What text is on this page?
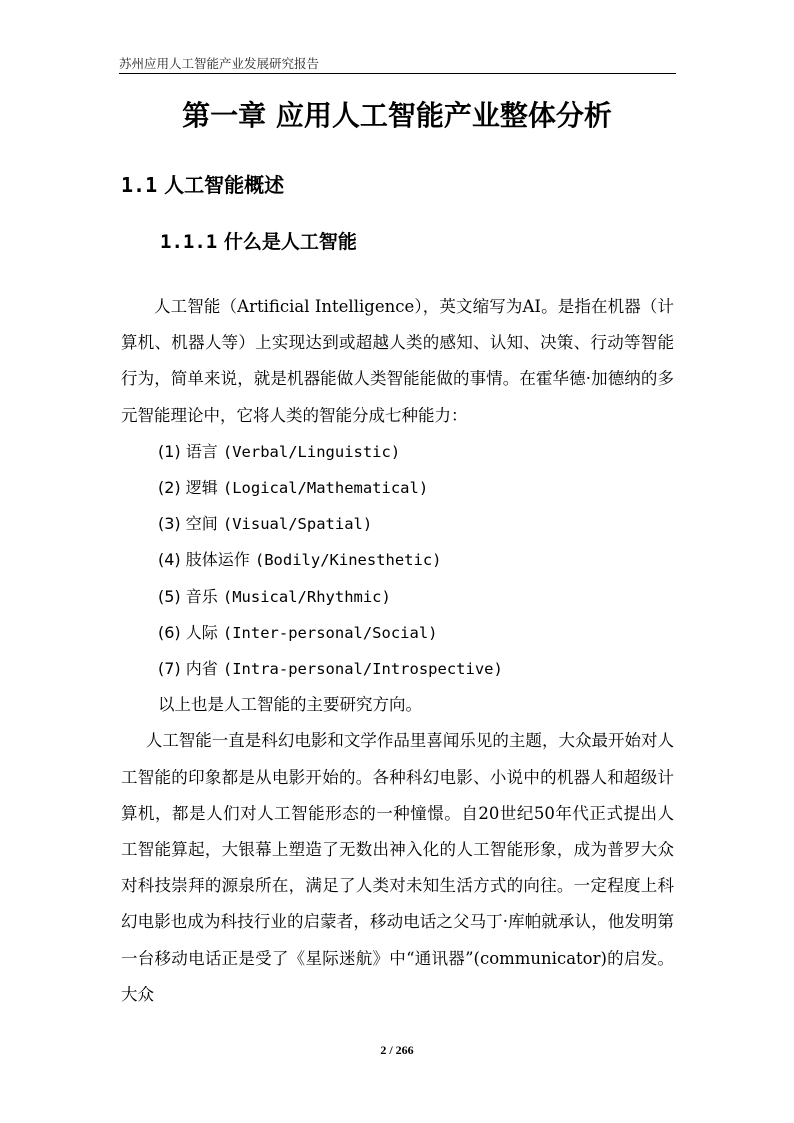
苏州应用人工智能产业发展研究报告
第一章 应用人工智能产业整体分析
1.1 人工智能概述
1.1.1 什么是人工智能

人工智能（Artificial Intelligence），英文缩写为AI。是指在机器（计算机、机器人等）上实现达到或超越人类的感知、认知、决策、行动等智能行为，简单来说，就是机器能做人类智能能做的事情。在霍华德·加德纳的多元智能理论中，它将人类的智能分成七种能力：

(1) 语言 (Verbal/Linguistic)
(2) 逻辑 (Logical/Mathematical)
(3) 空间 (Visual/Spatial)
(4) 肢体运作 (Bodily/Kinesthetic)
(5) 音乐 (Musical/Rhythmic)
(6) 人际 (Inter-personal/Social)
(7) 内省 (Intra-personal/Introspective)

以上也是人工智能的主要研究方向。

人工智能一直是科幻电影和文学作品里喜闻乐见的主题，大众最开始对人工智能的印象都是从电影开始的。各种科幻电影、小说中的机器人和超级计算机，都是人们对人工智能形态的一种憧憬。自20世纪50年代正式提出人工智能算起，大银幕上塑造了无数出神入化的人工智能形象，成为普罗大众对科技崇拜的源泉所在，满足了人类对未知生活方式的向往。一定程度上科幻电影也成为科技行业的启蒙者，移动电话之父马丁·库帕就承认，他发明第一台移动电话正是受了《星际迷航》中“通讯器”(communicator)的启发。大众

2 / 266
